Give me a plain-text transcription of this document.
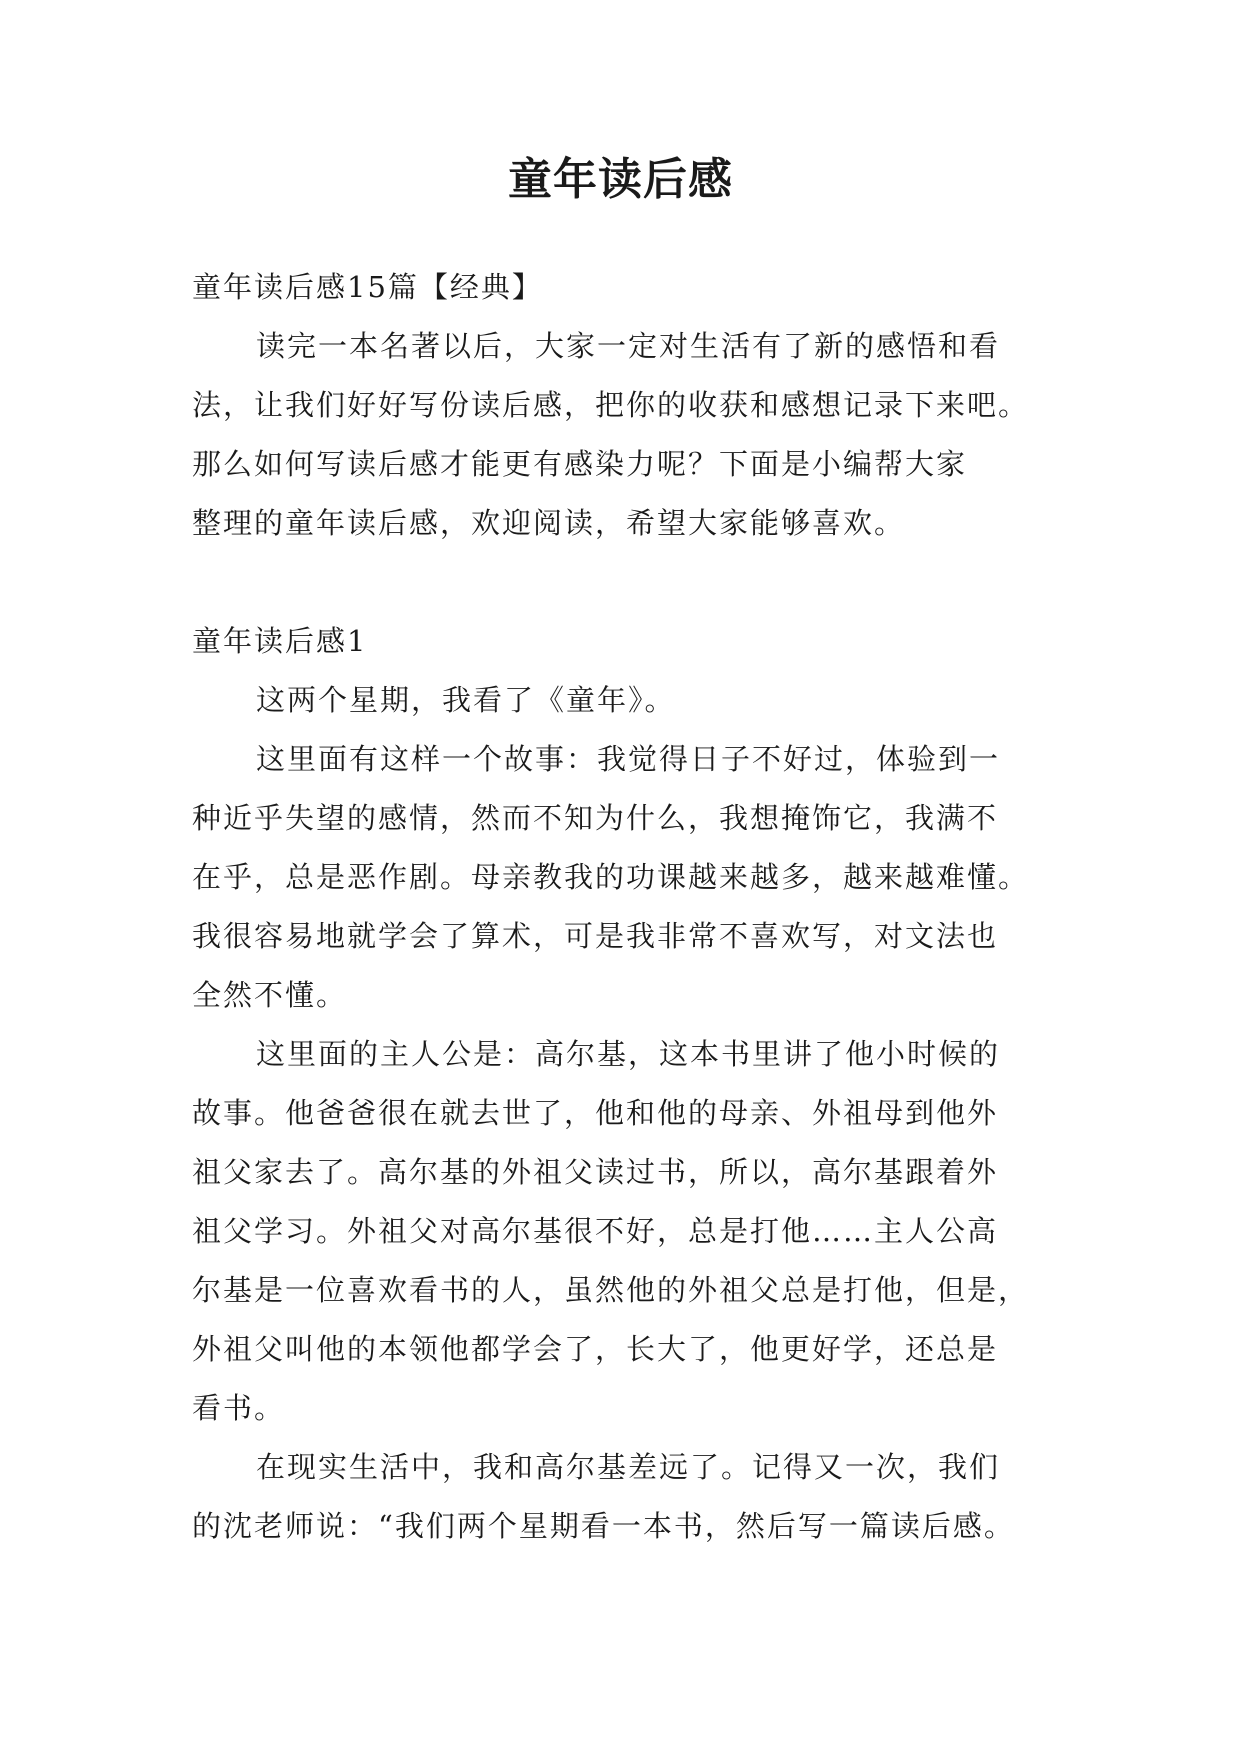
童年读后感
童年读后感15篇【经典】
读完一本名著以后，大家一定对生活有了新的感悟和看
法，让我们好好写份读后感，把你的收获和感想记录下来吧。
那么如何写读后感才能更有感染力呢？下面是小编帮大家
整理的童年读后感，欢迎阅读，希望大家能够喜欢。
童年读后感1
这两个星期，我看了《童年》。
这里面有这样一个故事：我觉得日子不好过，体验到一
种近乎失望的感情，然而不知为什么，我想掩饰它，我满不
在乎，总是恶作剧。母亲教我的功课越来越多，越来越难懂。
我很容易地就学会了算术，可是我非常不喜欢写，对文法也
全然不懂。
这里面的主人公是：高尔基，这本书里讲了他小时候的
故事。他爸爸很在就去世了，他和他的母亲、外祖母到他外
祖父家去了。高尔基的外祖父读过书，所以，高尔基跟着外
祖父学习。外祖父对高尔基很不好，总是打他……主人公高
尔基是一位喜欢看书的人，虽然他的外祖父总是打他，但是，
外祖父叫他的本领他都学会了，长大了，他更好学，还总是
看书。
在现实生活中，我和高尔基差远了。记得又一次，我们
的沈老师说：“我们两个星期看一本书，然后写一篇读后感。
